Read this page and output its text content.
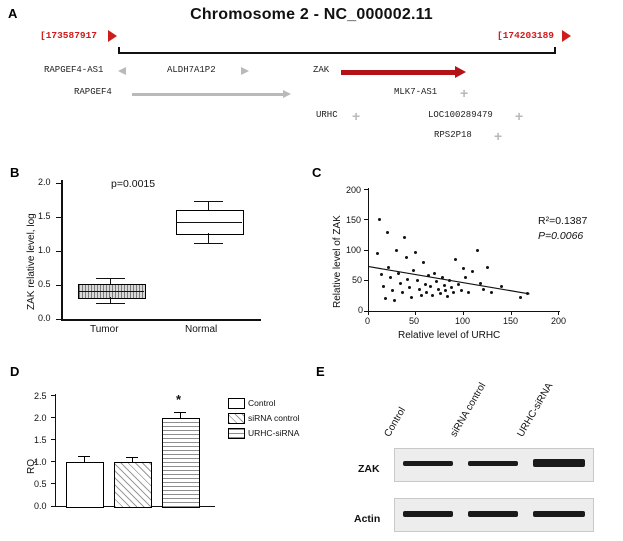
A	Chromosome 2 - NC_000002.11
[173587917	[174203189
RAPGEF4-AS1	ALDH7A1P2	ZAK
RAPGEF4	MLK7-AS1 +
URHC +	LOC100289479 +
RPS2P18 +
B
ZAK relative level, log
0.0
0.5
1.0
1.5
2.0	p=0.0015
Tumor	Normal
C
Relative level of ZAK
200
150
100
50
0
0	50	100	150	200
Relative level of URHC
R²=0.1387
P=0.0066
D
RQ
2.5
2.0
1.5
1.0
0.5
0.0
*	Control
siRNA control
URHC-siRNA
E
Control	siRNA control	URHC-siRNA
ZAK
Actin
